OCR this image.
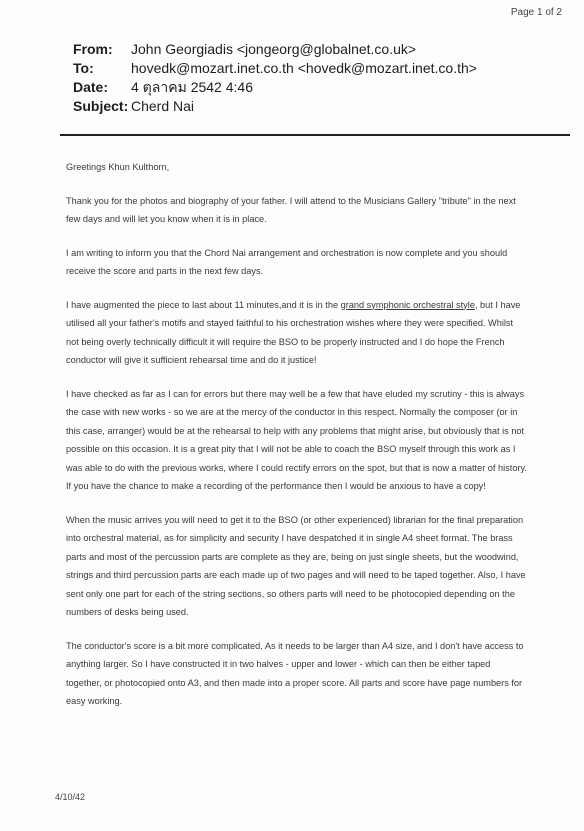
Page 1 of 2
From:	John Georgiadis <jongeorg@globalnet.co.uk>
To:	hovedk@mozart.inet.co.th <hovedk@mozart.inet.co.th>
Date:	4 ตุลาคม 2542 4:46
Subject: Cherd Nai

Greetings Khun Kulthorn,

Thank you for the photos and biography of your father. I will attend to the Musicians Gallery "tribute" in the next few days and will let you know when it is in place.

I am writing to inform you that the Chord Nai arrangement and orchestration is now complete and you should receive the score and parts in the next few days.

I have augmented the piece to last about 11 minutes,and it is in the grand symphonic orchestral style, but I have utilised all your father's motifs and stayed faithful to his orchestration wishes where they were specified. Whilst not being overly technically difficult it will require the BSO to be properly instructed and I do hope the French conductor will give it sufficient rehearsal time and do it justice!

I have checked as far as I can for errors but there may well be a few that have eluded my scrutiny - this is always the case with new works - so we are at the mercy of the conductor in this respect. Normally the composer (or in this case, arranger) would be at the rehearsal to help with any problems that might arise, but obviously that is not possible on this occasion. It is a great pity that I will not be able to coach the BSO myself through this work as I was able to do with the previous works, where I could rectify errors on the spot, but that is now a matter of history. If you have the chance to make a recording of the performance then I would be anxious to have a copy!

When the music arrives you will need to get it to the BSO (or other experienced) librarian for the final preparation into orchestral material, as for simplicity and security I have despatched it in single A4 sheet format. The brass parts and most of the percussion parts are complete as they are, being on just single sheets, but the woodwind, strings and third percussion parts are each made up of two pages and will need to be taped together. Also, I have sent only one part for each of the string sections, so others parts will need to be photocopied depending on the numbers of desks being used.

The conductor's score is a bit more complicated. As it needs to be larger than A4 size, and I don't have access to anything larger. So I have constructed it in two halves - upper and lower - which can then be either taped together, or photocopied onto A3, and then made into a proper score. All parts and score have page numbers for easy working.

4/10/42
